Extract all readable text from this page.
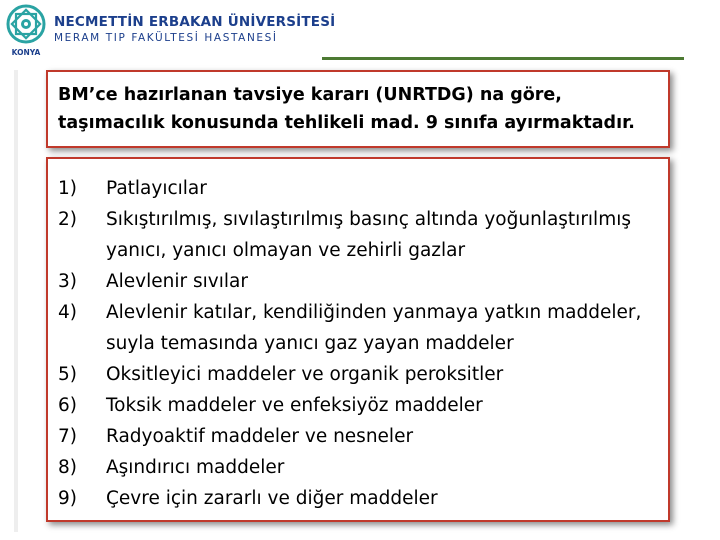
KONYA
NECMETTİN ERBAKAN ÜNİVERSİTESİ
MERAM TIP FAKÜLTESİ HASTANESİ
BM’ce hazırlanan tavsiye kararı (UNRTDG) na göre,
taşımacılık konusunda tehlikeli mad. 9 sınıfa ayırmaktadır.
1) Patlayıcılar
2) Sıkıştırılmış, sıvılaştırılmış basınç altında yoğunlaştırılmış yanıcı, yanıcı olmayan ve zehirli gazlar
3) Alevlenir sıvılar
4) Alevlenir katılar, kendiliğinden yanmaya yatkın maddeler, suyla temasında yanıcı gaz yayan maddeler
5) Oksitleyici maddeler ve organik peroksitler
6) Toksik maddeler ve enfeksiyöz maddeler
7) Radyoaktif maddeler ve nesneler
8) Aşındırıcı maddeler
9) Çevre için zararlı ve diğer maddeler
